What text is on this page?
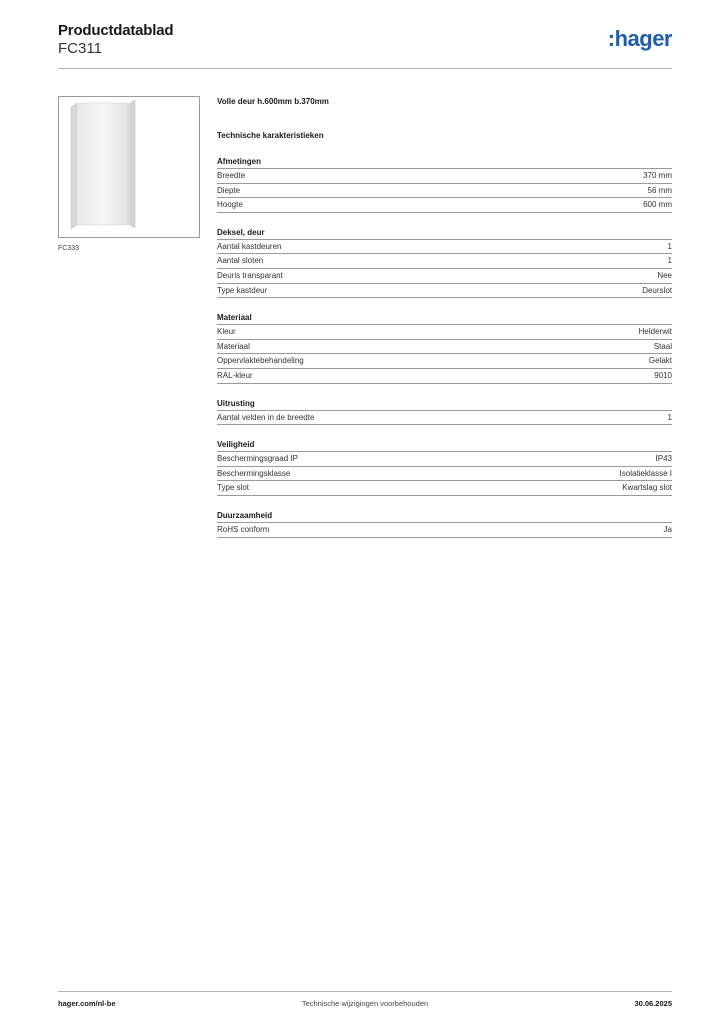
Productdatablad
FC311	:hager
FC333
Volle deur h.600mm b.370mm
Technische karakteristieken
Afmetingen
Breedte	370 mm
Diepte	56 mm
Hoogte	600 mm
Deksel, deur
Aantal kastdeuren	1
Aantal sloten	1
Deuris transparant	Nee
Type kastdeur	Deurslot
Materiaal
Kleur	Helderwit
Materiaal	Staal
Oppervlaktebehandeling	Gelakt
RAL-kleur	9010
Uitrusting
Aantal velden in de breedte	1
Veiligheid
Beschermingsgraad IP	IP43
Beschermingsklasse	Isolatieklasse I
Type slot	Kwartslag slot
Duurzaamheid
RoHS conform	Ja
Technische wijzigingen voorbehouden
hager.com/nl-be	30.06.2025
